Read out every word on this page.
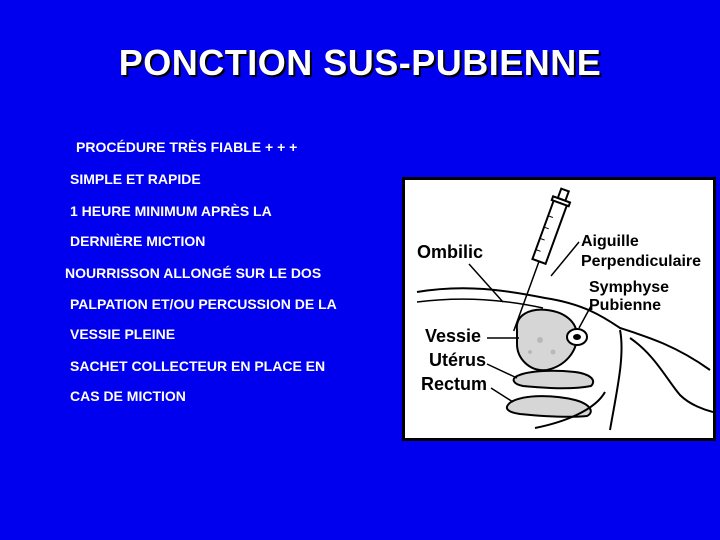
PONCTION SUS-PUBIENNE
PROCÉDURE TRÈS FIABLE + + +
SIMPLE ET RAPIDE
1 HEURE MINIMUM APRÈS LA
DERNIÈRE MICTION
NOURRISSON ALLONGÉ SUR LE DOS
PALPATION ET/OU PERCUSSION DE LA
VESSIE PLEINE
SACHET COLLECTEUR EN PLACE EN
CAS DE MICTION
Ombilic
Aiguille
Perpendiculaire
Symphyse
Pubienne
Vessie
Utérus
Rectum
